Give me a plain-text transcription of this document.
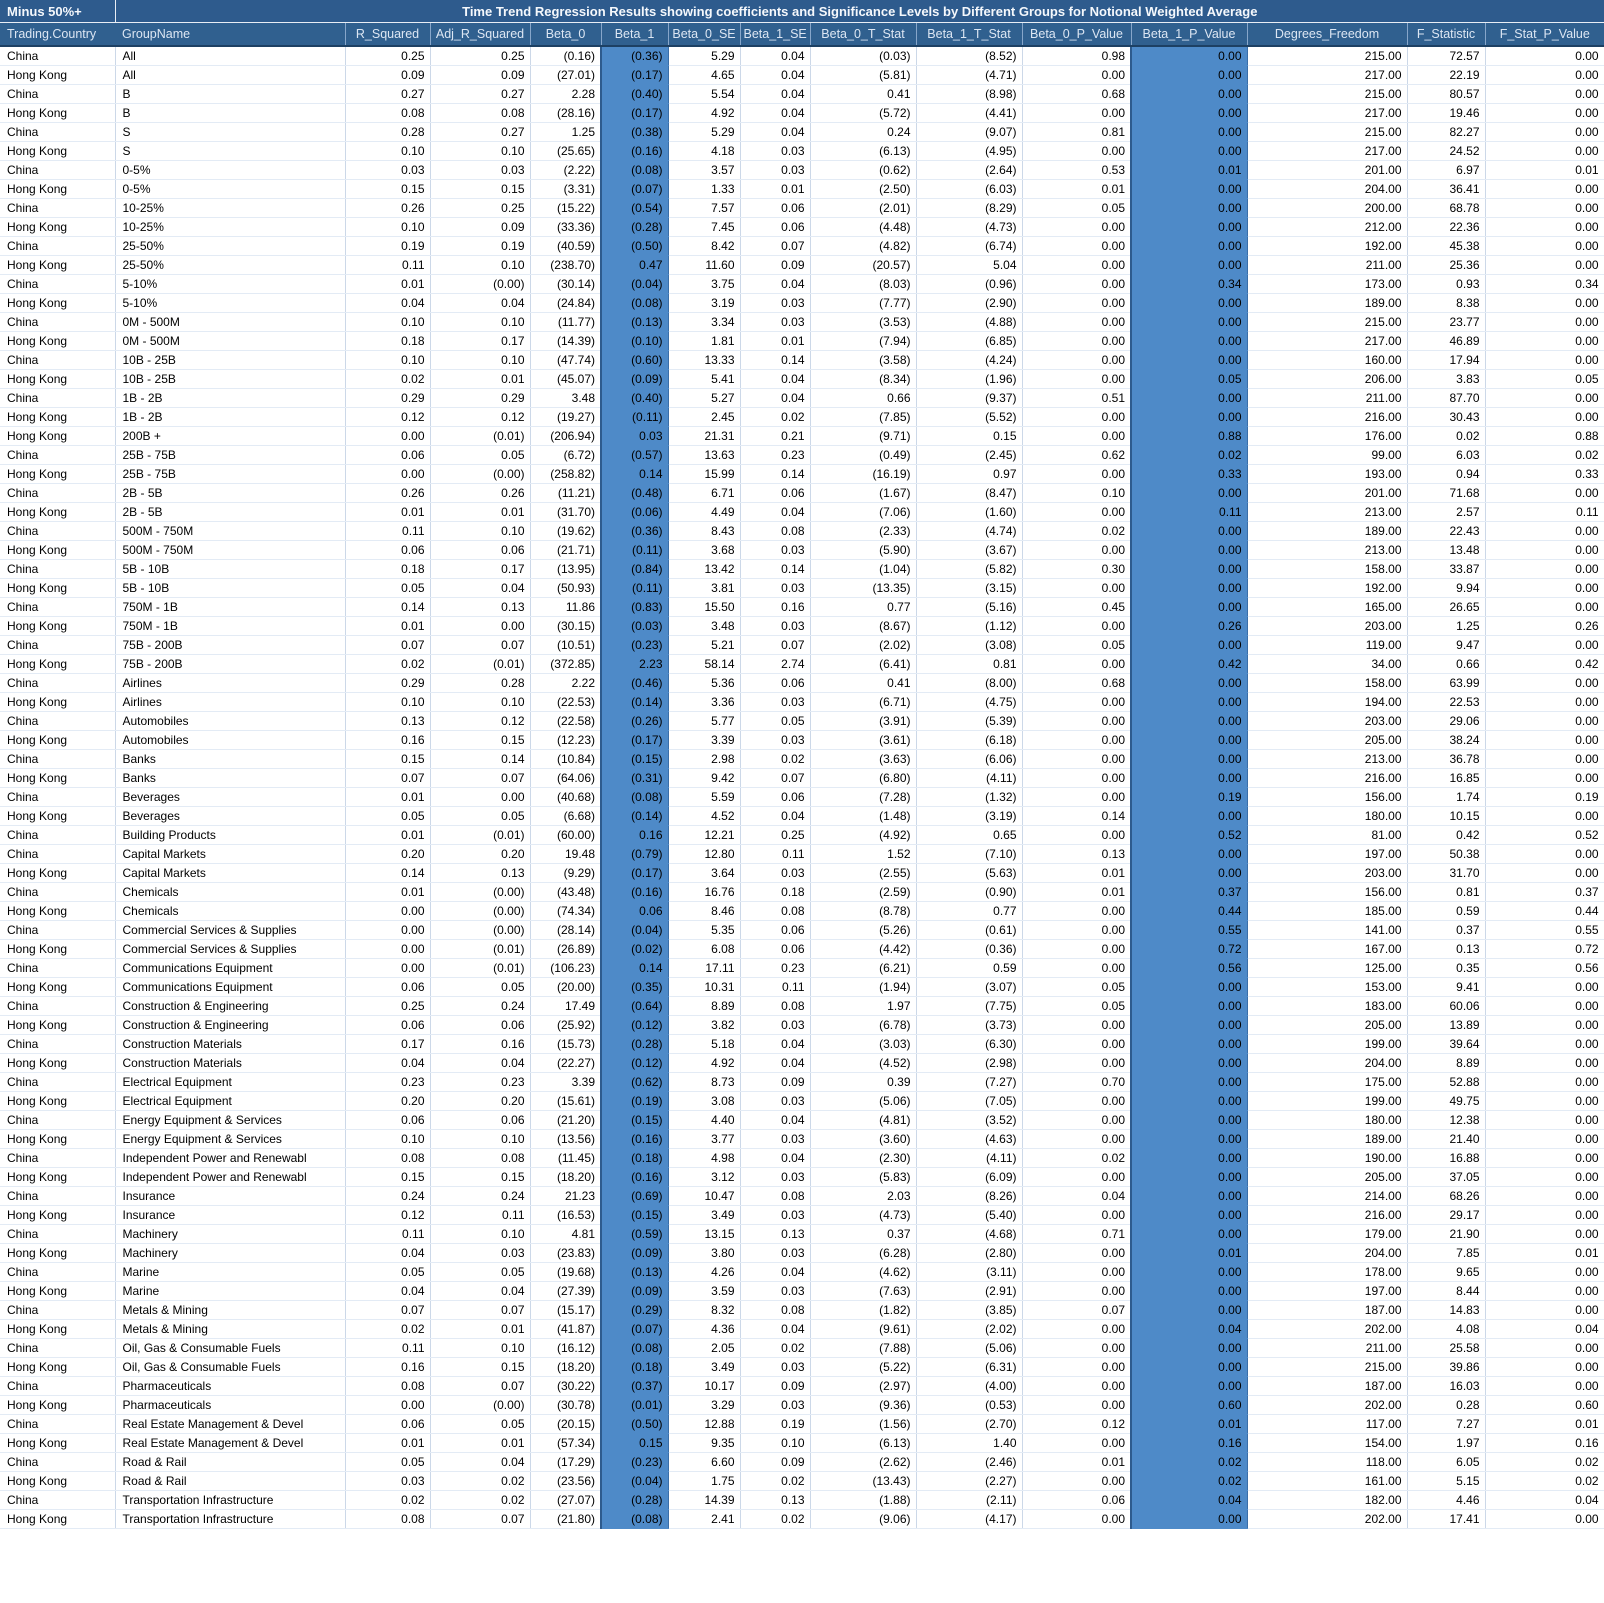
Minus 50%+	Time Trend Regression Results showing coefficients and Significance Levels by Different Groups for Notional Weighted Average													
Trading.Country	GroupName	R_Squared	Adj_R_Squared	Beta_0	Beta_1	Beta_0_SE	Beta_1_SE	Beta_0_T_Stat	Beta_1_T_Stat	Beta_0_P_Value	Beta_1_P_Value	Degrees_Freedom	F_Statistic	F_Stat_P_Value
China	All	0.25	0.25	(0.16)	(0.36)	5.29	0.04	(0.03)	(8.52)	0.98	0.00	215.00	72.57	0.00
Hong Kong	All	0.09	0.09	(27.01)	(0.17)	4.65	0.04	(5.81)	(4.71)	0.00	0.00	217.00	22.19	0.00
China	B	0.27	0.27	2.28	(0.40)	5.54	0.04	0.41	(8.98)	0.68	0.00	215.00	80.57	0.00
Hong Kong	B	0.08	0.08	(28.16)	(0.17)	4.92	0.04	(5.72)	(4.41)	0.00	0.00	217.00	19.46	0.00
China	S	0.28	0.27	1.25	(0.38)	5.29	0.04	0.24	(9.07)	0.81	0.00	215.00	82.27	0.00
Hong Kong	S	0.10	0.10	(25.65)	(0.16)	4.18	0.03	(6.13)	(4.95)	0.00	0.00	217.00	24.52	0.00
China	0-5%	0.03	0.03	(2.22)	(0.08)	3.57	0.03	(0.62)	(2.64)	0.53	0.01	201.00	6.97	0.01
Hong Kong	0-5%	0.15	0.15	(3.31)	(0.07)	1.33	0.01	(2.50)	(6.03)	0.01	0.00	204.00	36.41	0.00
China	10-25%	0.26	0.25	(15.22)	(0.54)	7.57	0.06	(2.01)	(8.29)	0.05	0.00	200.00	68.78	0.00
Hong Kong	10-25%	0.10	0.09	(33.36)	(0.28)	7.45	0.06	(4.48)	(4.73)	0.00	0.00	212.00	22.36	0.00
China	25-50%	0.19	0.19	(40.59)	(0.50)	8.42	0.07	(4.82)	(6.74)	0.00	0.00	192.00	45.38	0.00
Hong Kong	25-50%	0.11	0.10	(238.70)	0.47	11.60	0.09	(20.57)	5.04	0.00	0.00	211.00	25.36	0.00
China	5-10%	0.01	(0.00)	(30.14)	(0.04)	3.75	0.04	(8.03)	(0.96)	0.00	0.34	173.00	0.93	0.34
Hong Kong	5-10%	0.04	0.04	(24.84)	(0.08)	3.19	0.03	(7.77)	(2.90)	0.00	0.00	189.00	8.38	0.00
China	0M - 500M	0.10	0.10	(11.77)	(0.13)	3.34	0.03	(3.53)	(4.88)	0.00	0.00	215.00	23.77	0.00
Hong Kong	0M - 500M	0.18	0.17	(14.39)	(0.10)	1.81	0.01	(7.94)	(6.85)	0.00	0.00	217.00	46.89	0.00
China	10B - 25B	0.10	0.10	(47.74)	(0.60)	13.33	0.14	(3.58)	(4.24)	0.00	0.00	160.00	17.94	0.00
Hong Kong	10B - 25B	0.02	0.01	(45.07)	(0.09)	5.41	0.04	(8.34)	(1.96)	0.00	0.05	206.00	3.83	0.05
China	1B - 2B	0.29	0.29	3.48	(0.40)	5.27	0.04	0.66	(9.37)	0.51	0.00	211.00	87.70	0.00
Hong Kong	1B - 2B	0.12	0.12	(19.27)	(0.11)	2.45	0.02	(7.85)	(5.52)	0.00	0.00	216.00	30.43	0.00
Hong Kong	200B +	0.00	(0.01)	(206.94)	0.03	21.31	0.21	(9.71)	0.15	0.00	0.88	176.00	0.02	0.88
China	25B - 75B	0.06	0.05	(6.72)	(0.57)	13.63	0.23	(0.49)	(2.45)	0.62	0.02	99.00	6.03	0.02
Hong Kong	25B - 75B	0.00	(0.00)	(258.82)	0.14	15.99	0.14	(16.19)	0.97	0.00	0.33	193.00	0.94	0.33
China	2B - 5B	0.26	0.26	(11.21)	(0.48)	6.71	0.06	(1.67)	(8.47)	0.10	0.00	201.00	71.68	0.00
Hong Kong	2B - 5B	0.01	0.01	(31.70)	(0.06)	4.49	0.04	(7.06)	(1.60)	0.00	0.11	213.00	2.57	0.11
China	500M - 750M	0.11	0.10	(19.62)	(0.36)	8.43	0.08	(2.33)	(4.74)	0.02	0.00	189.00	22.43	0.00
Hong Kong	500M - 750M	0.06	0.06	(21.71)	(0.11)	3.68	0.03	(5.90)	(3.67)	0.00	0.00	213.00	13.48	0.00
China	5B - 10B	0.18	0.17	(13.95)	(0.84)	13.42	0.14	(1.04)	(5.82)	0.30	0.00	158.00	33.87	0.00
Hong Kong	5B - 10B	0.05	0.04	(50.93)	(0.11)	3.81	0.03	(13.35)	(3.15)	0.00	0.00	192.00	9.94	0.00
China	750M - 1B	0.14	0.13	11.86	(0.83)	15.50	0.16	0.77	(5.16)	0.45	0.00	165.00	26.65	0.00
Hong Kong	750M - 1B	0.01	0.00	(30.15)	(0.03)	3.48	0.03	(8.67)	(1.12)	0.00	0.26	203.00	1.25	0.26
China	75B - 200B	0.07	0.07	(10.51)	(0.23)	5.21	0.07	(2.02)	(3.08)	0.05	0.00	119.00	9.47	0.00
Hong Kong	75B - 200B	0.02	(0.01)	(372.85)	2.23	58.14	2.74	(6.41)	0.81	0.00	0.42	34.00	0.66	0.42
China	Airlines	0.29	0.28	2.22	(0.46)	5.36	0.06	0.41	(8.00)	0.68	0.00	158.00	63.99	0.00
Hong Kong	Airlines	0.10	0.10	(22.53)	(0.14)	3.36	0.03	(6.71)	(4.75)	0.00	0.00	194.00	22.53	0.00
China	Automobiles	0.13	0.12	(22.58)	(0.26)	5.77	0.05	(3.91)	(5.39)	0.00	0.00	203.00	29.06	0.00
Hong Kong	Automobiles	0.16	0.15	(12.23)	(0.17)	3.39	0.03	(3.61)	(6.18)	0.00	0.00	205.00	38.24	0.00
China	Banks	0.15	0.14	(10.84)	(0.15)	2.98	0.02	(3.63)	(6.06)	0.00	0.00	213.00	36.78	0.00
Hong Kong	Banks	0.07	0.07	(64.06)	(0.31)	9.42	0.07	(6.80)	(4.11)	0.00	0.00	216.00	16.85	0.00
China	Beverages	0.01	0.00	(40.68)	(0.08)	5.59	0.06	(7.28)	(1.32)	0.00	0.19	156.00	1.74	0.19
Hong Kong	Beverages	0.05	0.05	(6.68)	(0.14)	4.52	0.04	(1.48)	(3.19)	0.14	0.00	180.00	10.15	0.00
China	Building Products	0.01	(0.01)	(60.00)	0.16	12.21	0.25	(4.92)	0.65	0.00	0.52	81.00	0.42	0.52
China	Capital Markets	0.20	0.20	19.48	(0.79)	12.80	0.11	1.52	(7.10)	0.13	0.00	197.00	50.38	0.00
Hong Kong	Capital Markets	0.14	0.13	(9.29)	(0.17)	3.64	0.03	(2.55)	(5.63)	0.01	0.00	203.00	31.70	0.00
China	Chemicals	0.01	(0.00)	(43.48)	(0.16)	16.76	0.18	(2.59)	(0.90)	0.01	0.37	156.00	0.81	0.37
Hong Kong	Chemicals	0.00	(0.00)	(74.34)	0.06	8.46	0.08	(8.78)	0.77	0.00	0.44	185.00	0.59	0.44
China	Commercial Services & Supplies	0.00	(0.00)	(28.14)	(0.04)	5.35	0.06	(5.26)	(0.61)	0.00	0.55	141.00	0.37	0.55
Hong Kong	Commercial Services & Supplies	0.00	(0.01)	(26.89)	(0.02)	6.08	0.06	(4.42)	(0.36)	0.00	0.72	167.00	0.13	0.72
China	Communications Equipment	0.00	(0.01)	(106.23)	0.14	17.11	0.23	(6.21)	0.59	0.00	0.56	125.00	0.35	0.56
Hong Kong	Communications Equipment	0.06	0.05	(20.00)	(0.35)	10.31	0.11	(1.94)	(3.07)	0.05	0.00	153.00	9.41	0.00
China	Construction & Engineering	0.25	0.24	17.49	(0.64)	8.89	0.08	1.97	(7.75)	0.05	0.00	183.00	60.06	0.00
Hong Kong	Construction & Engineering	0.06	0.06	(25.92)	(0.12)	3.82	0.03	(6.78)	(3.73)	0.00	0.00	205.00	13.89	0.00
China	Construction Materials	0.17	0.16	(15.73)	(0.28)	5.18	0.04	(3.03)	(6.30)	0.00	0.00	199.00	39.64	0.00
Hong Kong	Construction Materials	0.04	0.04	(22.27)	(0.12)	4.92	0.04	(4.52)	(2.98)	0.00	0.00	204.00	8.89	0.00
China	Electrical Equipment	0.23	0.23	3.39	(0.62)	8.73	0.09	0.39	(7.27)	0.70	0.00	175.00	52.88	0.00
Hong Kong	Electrical Equipment	0.20	0.20	(15.61)	(0.19)	3.08	0.03	(5.06)	(7.05)	0.00	0.00	199.00	49.75	0.00
China	Energy Equipment & Services	0.06	0.06	(21.20)	(0.15)	4.40	0.04	(4.81)	(3.52)	0.00	0.00	180.00	12.38	0.00
Hong Kong	Energy Equipment & Services	0.10	0.10	(13.56)	(0.16)	3.77	0.03	(3.60)	(4.63)	0.00	0.00	189.00	21.40	0.00
China	Independent Power and Renewabl	0.08	0.08	(11.45)	(0.18)	4.98	0.04	(2.30)	(4.11)	0.02	0.00	190.00	16.88	0.00
Hong Kong	Independent Power and Renewabl	0.15	0.15	(18.20)	(0.16)	3.12	0.03	(5.83)	(6.09)	0.00	0.00	205.00	37.05	0.00
China	Insurance	0.24	0.24	21.23	(0.69)	10.47	0.08	2.03	(8.26)	0.04	0.00	214.00	68.26	0.00
Hong Kong	Insurance	0.12	0.11	(16.53)	(0.15)	3.49	0.03	(4.73)	(5.40)	0.00	0.00	216.00	29.17	0.00
China	Machinery	0.11	0.10	4.81	(0.59)	13.15	0.13	0.37	(4.68)	0.71	0.00	179.00	21.90	0.00
Hong Kong	Machinery	0.04	0.03	(23.83)	(0.09)	3.80	0.03	(6.28)	(2.80)	0.00	0.01	204.00	7.85	0.01
China	Marine	0.05	0.05	(19.68)	(0.13)	4.26	0.04	(4.62)	(3.11)	0.00	0.00	178.00	9.65	0.00
Hong Kong	Marine	0.04	0.04	(27.39)	(0.09)	3.59	0.03	(7.63)	(2.91)	0.00	0.00	197.00	8.44	0.00
China	Metals & Mining	0.07	0.07	(15.17)	(0.29)	8.32	0.08	(1.82)	(3.85)	0.07	0.00	187.00	14.83	0.00
Hong Kong	Metals & Mining	0.02	0.01	(41.87)	(0.07)	4.36	0.04	(9.61)	(2.02)	0.00	0.04	202.00	4.08	0.04
China	Oil, Gas & Consumable Fuels	0.11	0.10	(16.12)	(0.08)	2.05	0.02	(7.88)	(5.06)	0.00	0.00	211.00	25.58	0.00
Hong Kong	Oil, Gas & Consumable Fuels	0.16	0.15	(18.20)	(0.18)	3.49	0.03	(5.22)	(6.31)	0.00	0.00	215.00	39.86	0.00
China	Pharmaceuticals	0.08	0.07	(30.22)	(0.37)	10.17	0.09	(2.97)	(4.00)	0.00	0.00	187.00	16.03	0.00
Hong Kong	Pharmaceuticals	0.00	(0.00)	(30.78)	(0.01)	3.29	0.03	(9.36)	(0.53)	0.00	0.60	202.00	0.28	0.60
China	Real Estate Management & Devel	0.06	0.05	(20.15)	(0.50)	12.88	0.19	(1.56)	(2.70)	0.12	0.01	117.00	7.27	0.01
Hong Kong	Real Estate Management & Devel	0.01	0.01	(57.34)	0.15	9.35	0.10	(6.13)	1.40	0.00	0.16	154.00	1.97	0.16
China	Road & Rail	0.05	0.04	(17.29)	(0.23)	6.60	0.09	(2.62)	(2.46)	0.01	0.02	118.00	6.05	0.02
Hong Kong	Road & Rail	0.03	0.02	(23.56)	(0.04)	1.75	0.02	(13.43)	(2.27)	0.00	0.02	161.00	5.15	0.02
China	Transportation Infrastructure	0.02	0.02	(27.07)	(0.28)	14.39	0.13	(1.88)	(2.11)	0.06	0.04	182.00	4.46	0.04
Hong Kong	Transportation Infrastructure	0.08	0.07	(21.80)	(0.08)	2.41	0.02	(9.06)	(4.17)	0.00	0.00	202.00	17.41	0.00
